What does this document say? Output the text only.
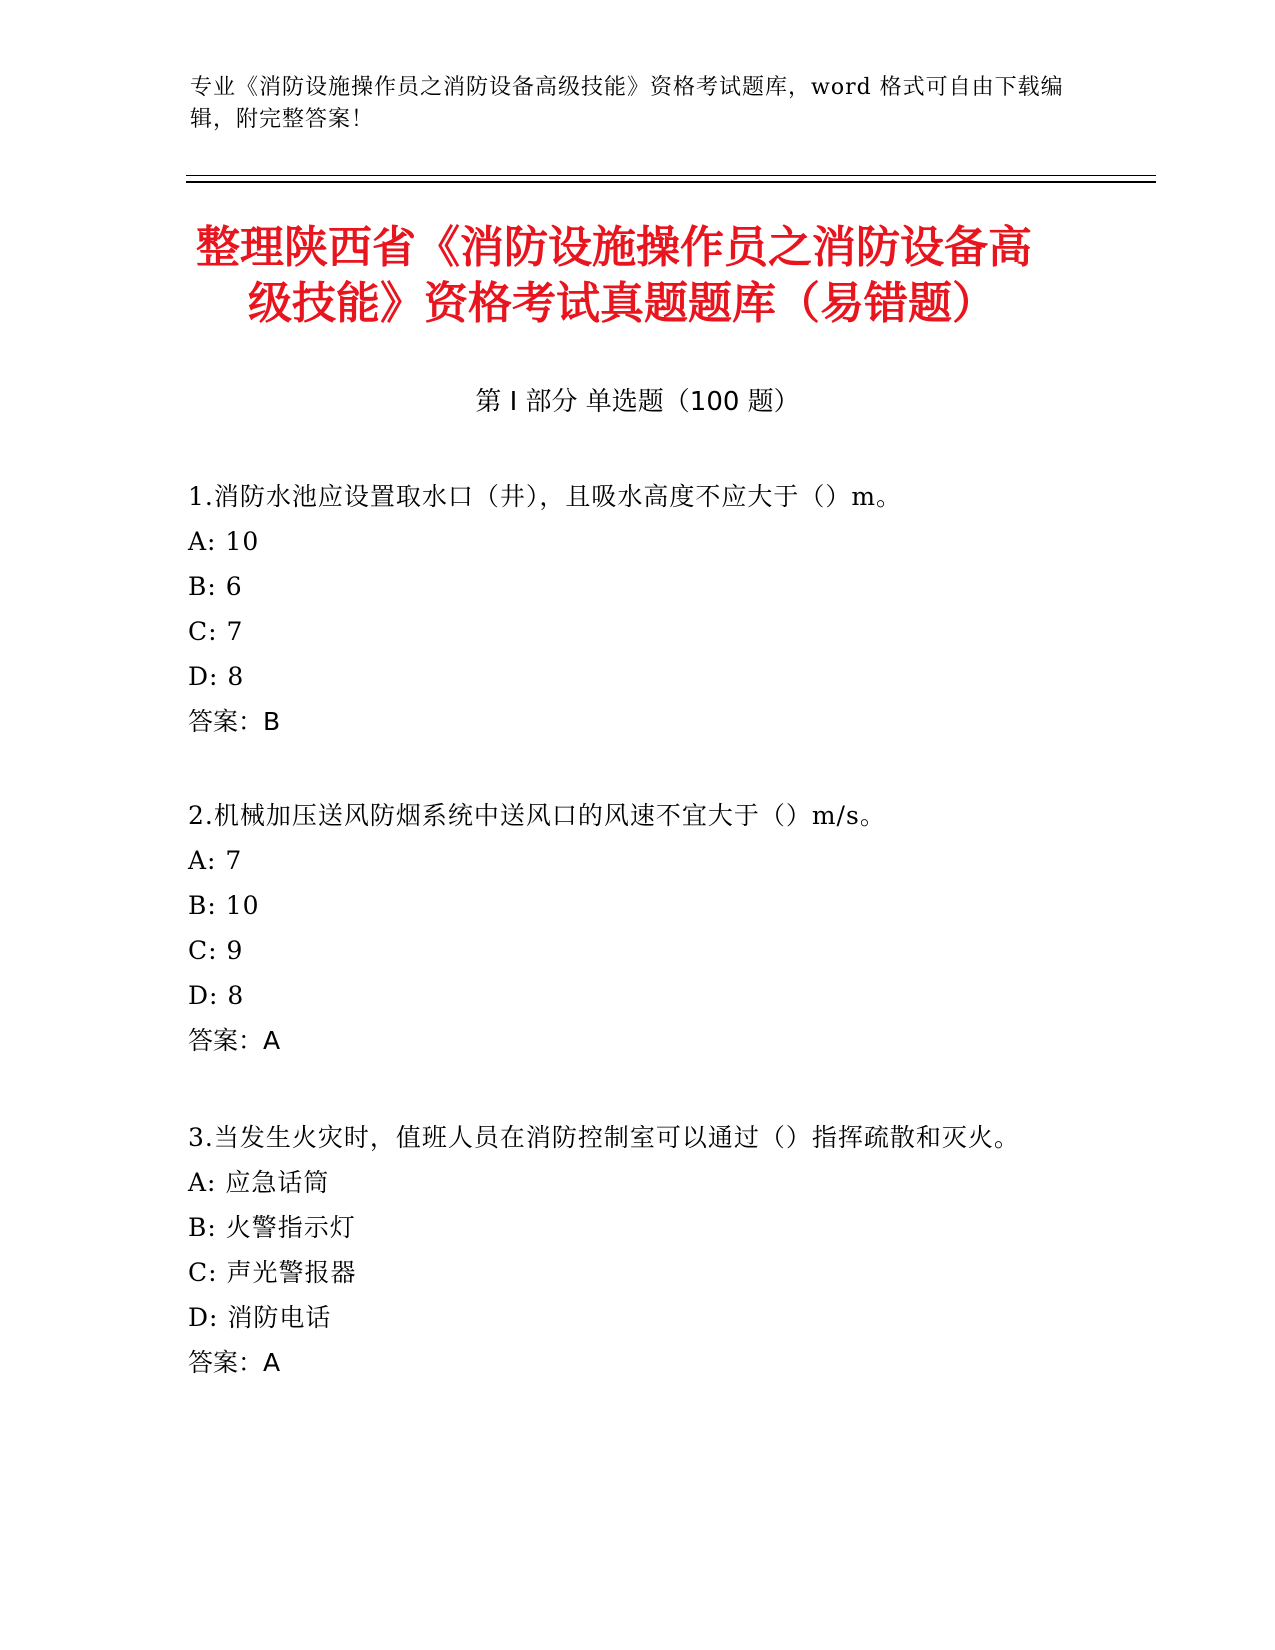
专业《消防设施操作员之消防设备高级技能》资格考试题库，word 格式可自由下载编辑，附完整答案！
整理陕西省《消防设施操作员之消防设备高
级技能》资格考试真题题库（易错题）
第 I 部分 单选题（100 题）
1.消防水池应设置取水口（井），且吸水高度不应大于（）m。
A: 10
B: 6
C: 7
D: 8
答案：B
2.机械加压送风防烟系统中送风口的风速不宜大于（）m/s。
A: 7
B: 10
C: 9
D: 8
答案：A
3.当发生火灾时，值班人员在消防控制室可以通过（）指挥疏散和灭火。
A: 应急话筒
B: 火警指示灯
C: 声光警报器
D: 消防电话
答案：A
